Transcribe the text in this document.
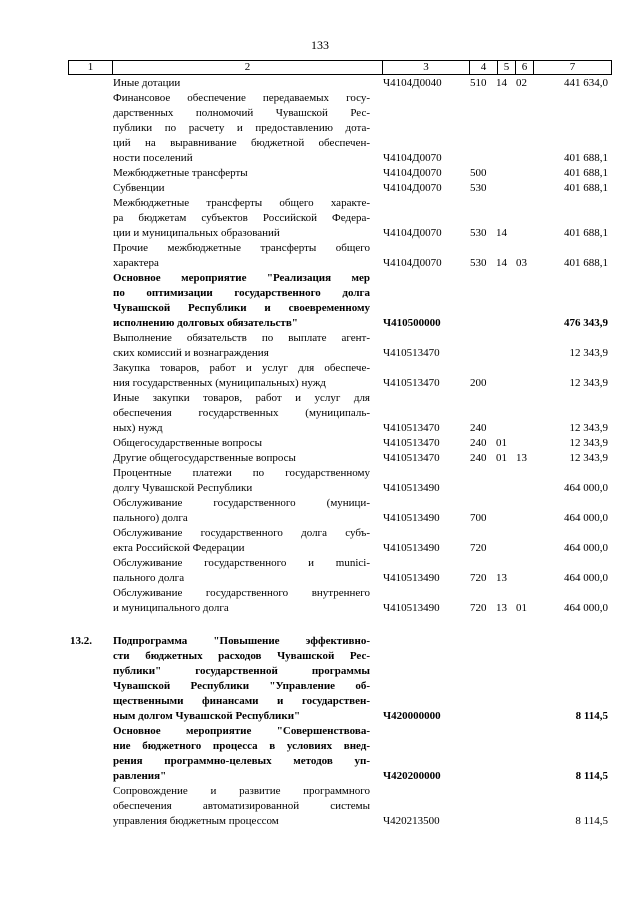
133
1	2	3	4	5	6	7
Иные дотации	Ч4104Д0040	510 14 02	441 634,0
Финансовое обеспечение передаваемых госу-
дарственных полномочий Чувашской Рес-
публики по расчету и предоставлению дота-
ций на выравнивание бюджетной обеспечен-
ности поселений	Ч4104Д0070	401 688,1
Межбюджетные трансферты	Ч4104Д0070	500	401 688,1
Субвенции	Ч4104Д0070	530	401 688,1
Межбюджетные трансферты общего характе-
ра бюджетам субъектов Российской Федера-
ции и муниципальных образований	Ч4104Д0070	530 14	401 688,1
Прочие межбюджетные трансферты общего
характера	Ч4104Д0070	530 14 03	401 688,1
Основное мероприятие "Реализация мер
по оптимизации государственного долга
Чувашской Республики и своевременному
исполнению долговых обязательств"	Ч410500000	476 343,9
Выполнение обязательств по выплате агент-
ских комиссий и вознаграждения	Ч410513470	12 343,9
Закупка товаров, работ и услуг для обеспече-
ния государственных (муниципальных) нужд	Ч410513470	200	12 343,9
Иные закупки товаров, работ и услуг для
обеспечения государственных (муниципаль-
ных) нужд	Ч410513470	240	12 343,9
Общегосударственные вопросы	Ч410513470	240 01	12 343,9
Другие общегосударственные вопросы	Ч410513470	240 01 13	12 343,9
Процентные платежи по государственному
долгу Чувашской Республики	Ч410513490	464 000,0
Обслуживание государственного (муници-
пального) долга	Ч410513490	700	464 000,0
Обслуживание государственного долга субъ-
екта Российской Федерации	Ч410513490	720	464 000,0
Обслуживание государственного и munici-
пального долга	Ч410513490	720 13	464 000,0
Обслуживание государственного внутреннего
и муниципального долга	Ч410513490	720 13 01	464 000,0
13.2.	Подпрограмма "Повышение эффективно-
сти бюджетных расходов Чувашской Рес-
публики" государственной программы
Чувашской Республики "Управление об-
щественными финансами и государствен-
ным долгом Чувашской Республики"	Ч420000000	8 114,5
Основное мероприятие "Совершенствова-
ние бюджетного процесса в условиях внед-
рения программно-целевых методов уп-
равления"	Ч420200000	8 114,5
Сопровождение и развитие программного
обеспечения автоматизированной системы
управления бюджетным процессом	Ч420213500	8 114,5
